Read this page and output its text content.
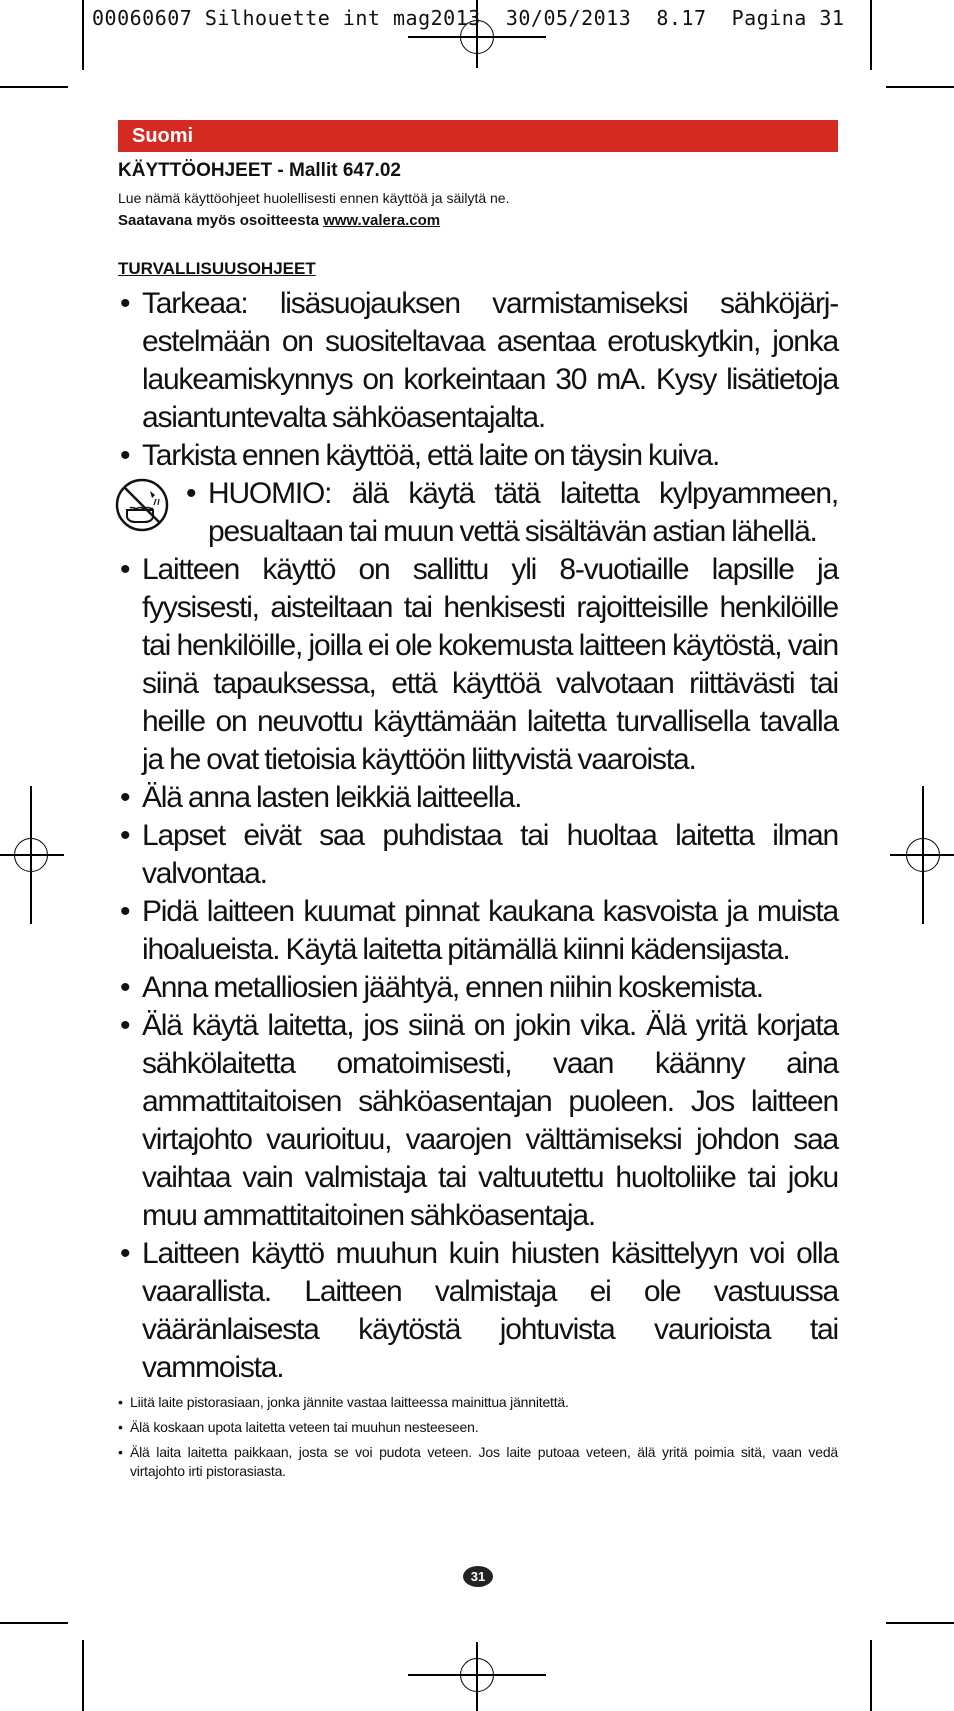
00060607 Silhouette int mag2013  30/05/2013  8.17  Pagina 31
Suomi
KÄYTTÖOHJEET - Mallit 647.02
Lue nämä käyttöohjeet huolellisesti ennen käyttöä ja säilytä ne.
Saatavana myös osoitteesta www.valera.com
TURVALLISUUSOHJEET
• Tarkeaa: lisäsuojauksen varmistamiseksi sähköjärj-estelmään on suositeltavaa asentaa erotuskytkin, jonka laukeamiskynnys on korkeintaan 30 mA. Kysy lisätietoja asiantuntevalta sähköasentajalta.
• Tarkista ennen käyttöä, että laite on täysin kuiva.
• HUOMIO: älä käytä tätä laitetta kylpyammeen, pesualtaan tai muun vettä sisältävän astian lähellä.
• Laitteen käyttö on sallittu yli 8-vuotiaille lapsille ja fyysisesti, aisteiltaan tai henkisesti rajoitteisille henkilöille tai henkilöille, joilla ei ole kokemusta laitteen käytöstä, vain siinä tapauksessa, että käyttöä valvotaan riittävästi tai heille on neuvottu käyttämään laitetta turvallisella tavalla ja he ovat tietoisia käyttöön liittyvistä vaaroista.
• Älä anna lasten leikkiä laitteella.
• Lapset eivät saa puhdistaa tai huoltaa laitetta ilman valvontaa.
• Pidä laitteen kuumat pinnat kaukana kasvoista ja muista ihoalueista. Käytä laitetta pitämällä kiinni kädensijasta.
• Anna metalliosien jäähtyä, ennen niihin koskemista.
• Älä käytä laitetta, jos siinä on jokin vika. Älä yritä korjata sähkölaitetta omatoimisesti, vaan käänny aina ammattitaitoisen sähköasentajan puoleen. Jos laitteen virtajohto vaurioituu, vaarojen välttämiseksi johdon saa vaihtaa vain valmistaja tai valtuutettu huoltoliike tai joku muu ammattitaitoinen sähköasentaja.
• Laitteen käyttö muuhun kuin hiusten käsittelyyn voi olla vaarallista. Laitteen valmistaja ei ole vastuussa vääränlaisesta käytöstä johtuvista vaurioista tai vammoista.
• Liitä laite pistorasiaan, jonka jännite vastaa laitteessa mainittua jännitettä.
• Älä koskaan upota laitetta veteen tai muuhun nesteeseen.
• Älä laita laitetta paikkaan, josta se voi pudota veteen. Jos laite putoaa veteen, älä yritä poimia sitä, vaan vedä virtajohto irti pistorasiasta.
31
